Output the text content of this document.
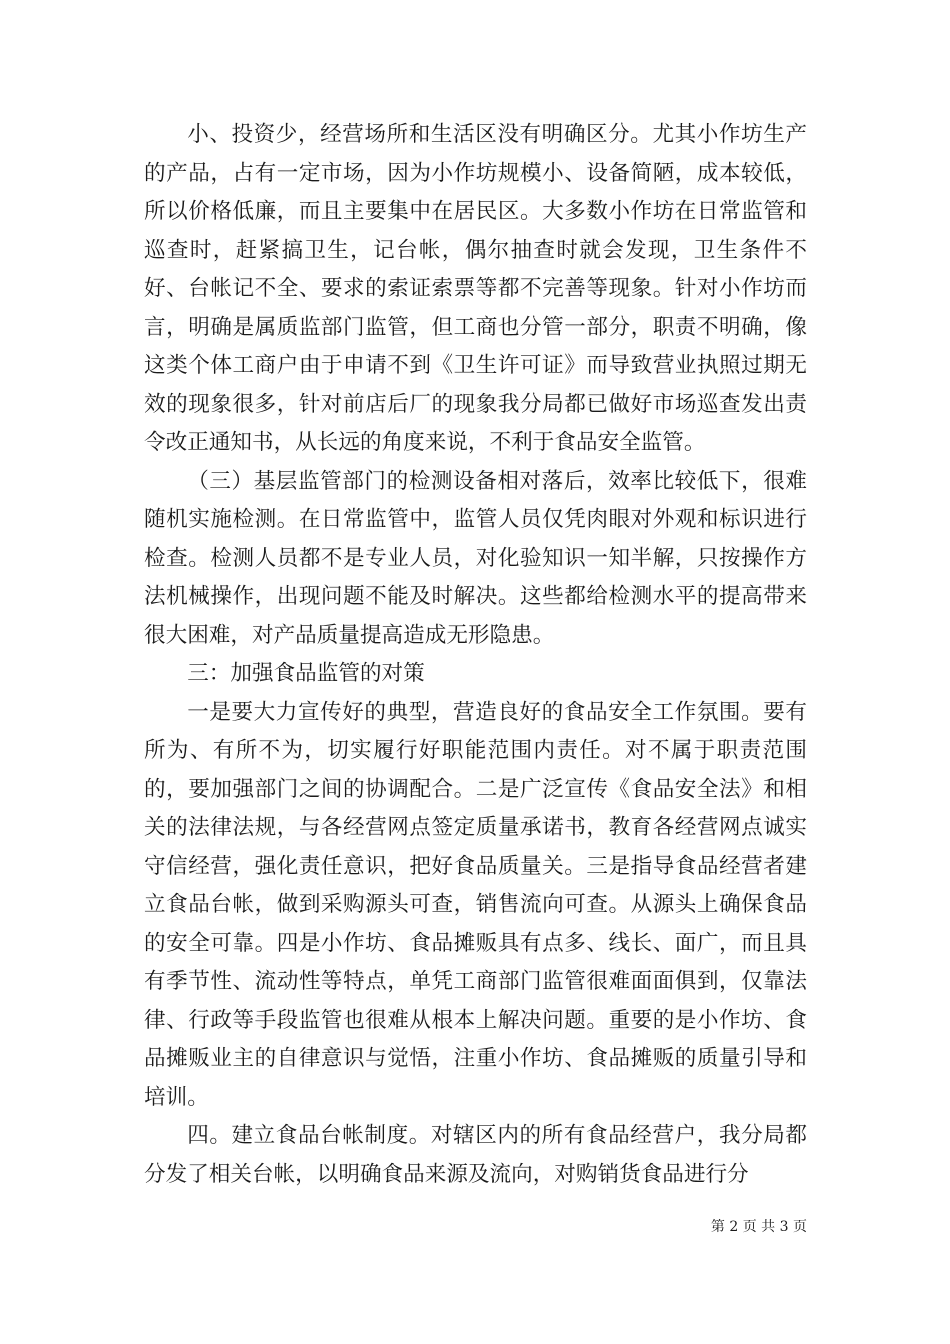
小、投资少，经营场所和生活区没有明确区分。尤其小作坊生产的产品，占有一定市场，因为小作坊规模小、设备简陋，成本较低，所以价格低廉，而且主要集中在居民区。大多数小作坊在日常监管和巡查时，赶紧搞卫生，记台帐，偶尔抽查时就会发现，卫生条件不好、台帐记不全、要求的索证索票等都不完善等现象。针对小作坊而言，明确是属质监部门监管，但工商也分管一部分，职责不明确，像这类个体工商户由于申请不到《卫生许可证》而导致营业执照过期无效的现象很多，针对前店后厂的现象我分局都已做好市场巡查发出责令改正通知书，从长远的角度来说，不利于食品安全监管。

（三）基层监管部门的检测设备相对落后，效率比较低下，很难随机实施检测。在日常监管中，监管人员仅凭肉眼对外观和标识进行检查。检测人员都不是专业人员，对化验知识一知半解，只按操作方法机械操作，出现问题不能及时解决。这些都给检测水平的提高带来很大困难，对产品质量提高造成无形隐患。

三：加强食品监管的对策

一是要大力宣传好的典型，营造良好的食品安全工作氛围。要有所为、有所不为，切实履行好职能范围内责任。对不属于职责范围的，要加强部门之间的协调配合。二是广泛宣传《食品安全法》和相关的法律法规，与各经营网点签定质量承诺书，教育各经营网点诚实守信经营，强化责任意识，把好食品质量关。三是指导食品经营者建立食品台帐，做到采购源头可查，销售流向可查。从源头上确保食品的安全可靠。四是小作坊、食品摊贩具有点多、线长、面广，而且具有季节性、流动性等特点，单凭工商部门监管很难面面俱到，仅靠法律、行政等手段监管也很难从根本上解决问题。重要的是小作坊、食品摊贩业主的自律意识与觉悟，注重小作坊、食品摊贩的质量引导和培训。

四。建立食品台帐制度。对辖区内的所有食品经营户，我分局都分发了相关台帐，以明确食品来源及流向，对购销货食品进行分

第 2 页 共 3 页
